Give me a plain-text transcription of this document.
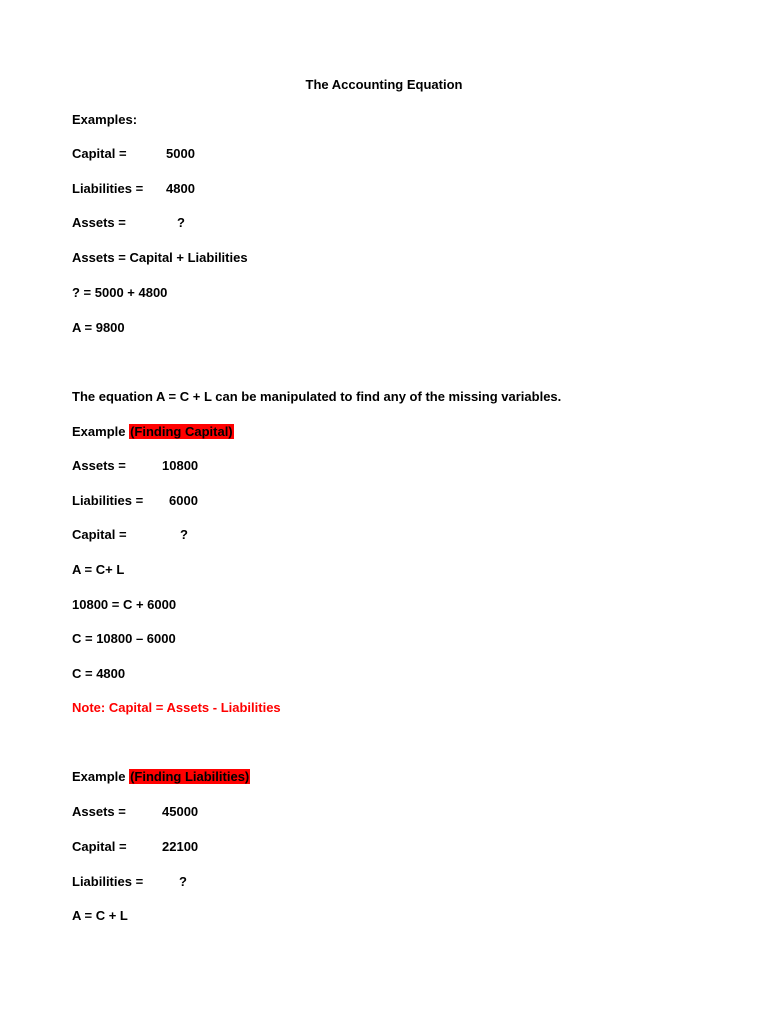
The Accounting Equation

Examples:

Capital =	5000

Liabilities = 4800

Assets =	?

Assets = Capital + Liabilities

? = 5000 + 4800

A = 9800

The equation A = C + L can be manipulated to find any of the missing variables.

Example (Finding Capital)

Assets =	10800

Liabilities = 6000

Capital =	?

A = C+ L

10800 = C + 6000

C = 10800 – 6000

C = 4800

Note: Capital = Assets - Liabilities

Example (Finding Liabilities)

Assets =	45000

Capital =	22100

Liabilities =	?

A = C + L
